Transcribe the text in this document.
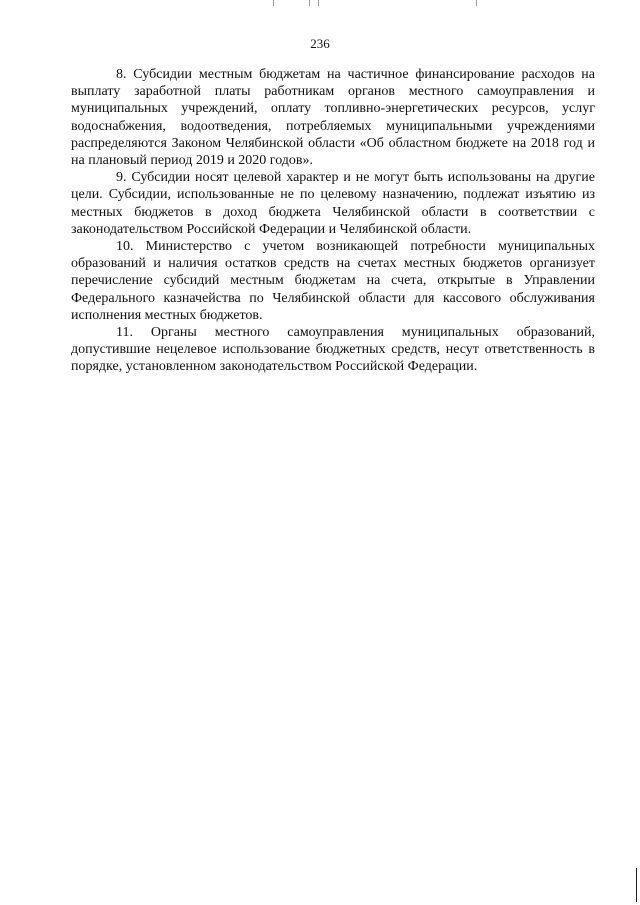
236

8. Субсидии местным бюджетам на частичное финансирование расходов на выплату заработной платы работникам органов местного самоуправления и муниципальных учреждений, оплату топливно-энергетических ресурсов, услуг водоснабжения, водоотведения, потребляемых муниципальными учреждениями распределяются Законом Челябинской области «Об областном бюджете на 2018 год и на плановый период 2019 и 2020 годов».

9. Субсидии носят целевой характер и не могут быть использованы на другие цели. Субсидии, использованные не по целевому назначению, подлежат изъятию из местных бюджетов в доход бюджета Челябинской области в соответствии с законодательством Российской Федерации и Челябинской области.

10. Министерство с учетом возникающей потребности муниципальных образований и наличия остатков средств на счетах местных бюджетов организует перечисление субсидий местным бюджетам на счета, открытые в Управлении Федерального казначейства по Челябинской области для кассового обслуживания исполнения местных бюджетов.

11. Органы местного самоуправления муниципальных образований, допустившие нецелевое использование бюджетных средств, несут ответственность в порядке, установленном законодательством Российской Федерации.
